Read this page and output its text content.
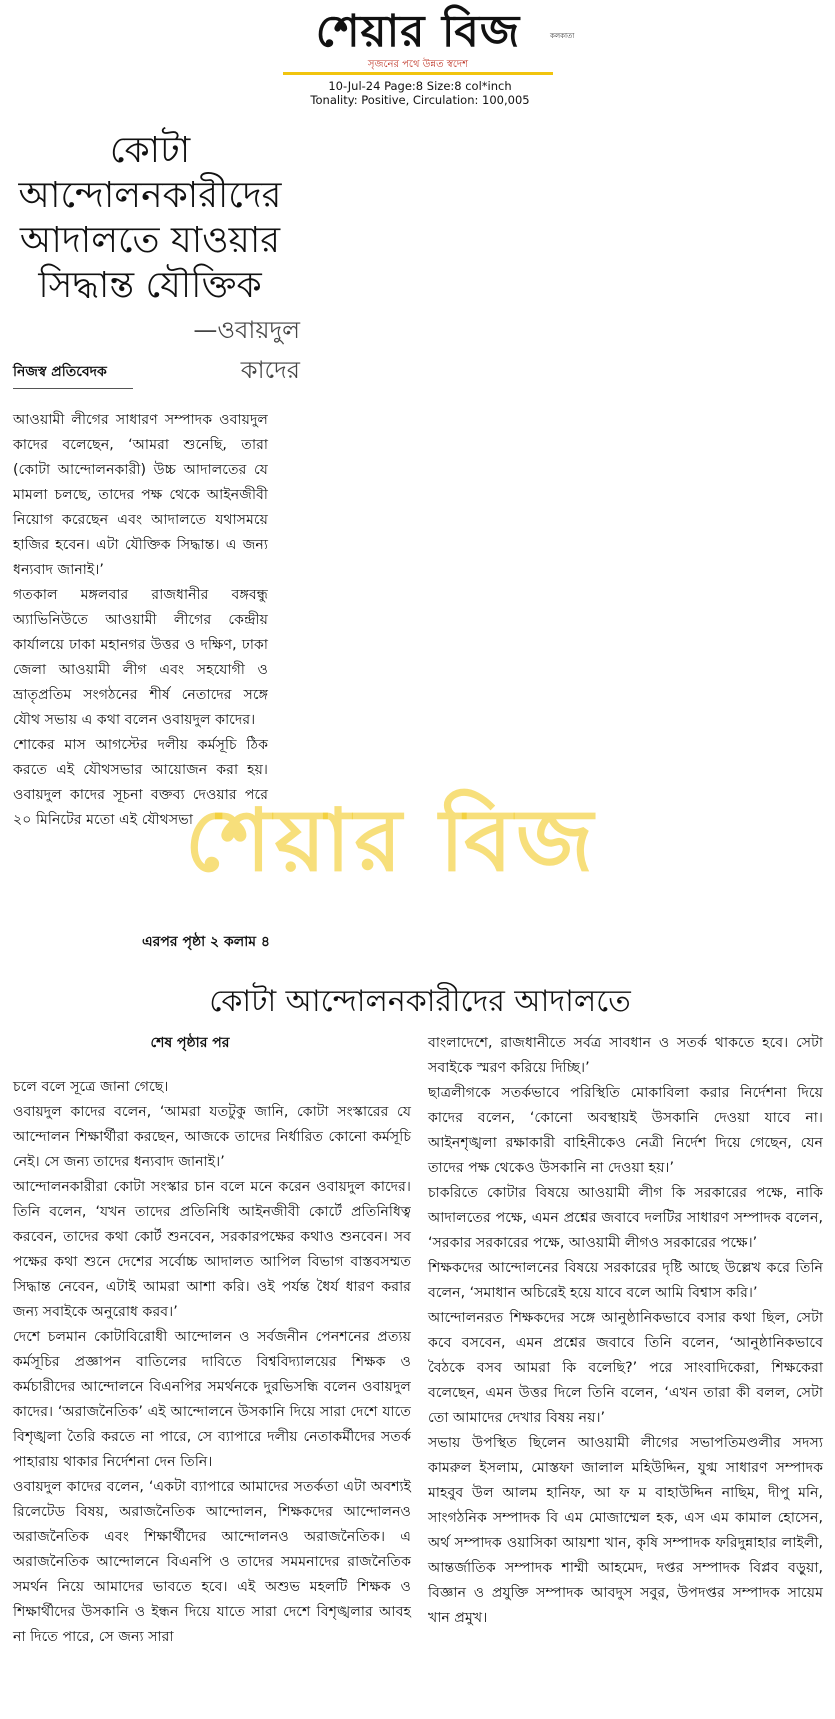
শেয়ার বিজ	কলকাতা
সৃজনের পথে উন্নত স্বদেশ
10-Jul-24 Page:8 Size:8 col*inch
Tonality: Positive, Circulation: 100,005
কোটা
আন্দোলনকারীদের
আদালতে যাওয়ার
সিদ্ধান্ত যৌক্তিক
—ওবায়দুল কাদের
নিজস্ব প্রতিবেদক

আওয়ামী লীগের সাধারণ সম্পাদক ওবায়দুল কাদের বলেছেন, ‘আমরা শুনেছি, তারা (কোটা আন্দোলনকারী) উচ্চ আদালতের যে মামলা চলছে, তাদের পক্ষ থেকে আইনজীবী নিয়োগ করেছেন এবং আদালতে যথাসময়ে হাজির হবেন। এটা যৌক্তিক সিদ্ধান্ত। এ জন্য ধন্যবাদ জানাই।’

গতকাল মঙ্গলবার রাজধানীর বঙ্গবন্ধু অ্যাভিনিউতে আওয়ামী লীগের কেন্দ্রীয় কার্যালয়ে ঢাকা মহানগর উত্তর ও দক্ষিণ, ঢাকা জেলা আওয়ামী লীগ এবং সহযোগী ও ভ্রাতৃপ্রতিম সংগঠনের শীর্ষ নেতাদের সঙ্গে যৌথ সভায় এ কথা বলেন ওবায়দুল কাদের।

শোকের মাস আগস্টের দলীয় কর্মসূচি ঠিক করতে এই যৌথসভার আয়োজন করা হয়। ওবায়দুল কাদের সূচনা বক্তব্য দেওয়ার পরে ২০ মিনিটের মতো এই যৌথসভা

এরপর পৃষ্ঠা ২ কলাম ৪
শেয়ার বিজ
কোটা আন্দোলনকারীদের আদালতে
শেষ পৃষ্ঠার পর

চলে বলে সূত্রে জানা গেছে।

ওবায়দুল কাদের বলেন, ‘আমরা যতটুকু জানি, কোটা সংস্কারের যে আন্দোলন শিক্ষার্থীরা করছেন, আজকে তাদের নির্ধারিত কোনো কর্মসূচি নেই। সে জন্য তাদের ধন্যবাদ জানাই।’

আন্দোলনকারীরা কোটা সংস্কার চান বলে মনে করেন ওবায়দুল কাদের। তিনি বলেন, ‘যখন তাদের প্রতিনিধি আইনজীবী কোর্টে প্রতিনিধিত্ব করবেন, তাদের কথা কোর্ট শুনবেন, সরকারপক্ষের কথাও শুনবেন। সব পক্ষের কথা শুনে দেশের সর্বোচ্চ আদালত আপিল বিভাগ বাস্তবসম্মত সিদ্ধান্ত নেবেন, এটাই আমরা আশা করি। ওই পর্যন্ত ধৈর্য ধারণ করার জন্য সবাইকে অনুরোধ করব।’

দেশে চলমান কোটাবিরোধী আন্দোলন ও সর্বজনীন পেনশনের প্রত্যয় কর্মসূচির প্রজ্ঞাপন বাতিলের দাবিতে বিশ্ববিদ্যালয়ের শিক্ষক ও কর্মচারীদের আন্দোলনে বিএনপির সমর্থনকে দুরভিসন্ধি বলেন ওবায়দুল কাদের। ‘অরাজনৈতিক’ এই আন্দোলনে উসকানি দিয়ে সারা দেশে যাতে বিশৃঙ্খলা তৈরি করতে না পারে, সে ব্যাপারে দলীয় নেতাকর্মীদের সতর্ক পাহারায় থাকার নির্দেশনা দেন তিনি।

ওবায়দুল কাদের বলেন, ‘একটা ব্যাপারে আমাদের সতর্কতা এটা অবশ্যই রিলেটেড বিষয়, অরাজনৈতিক আন্দোলন, শিক্ষকদের আন্দোলনও অরাজনৈতিক এবং শিক্ষার্থীদের আন্দোলনও অরাজনৈতিক। এ অরাজনৈতিক আন্দোলনে বিএনপি ও তাদের সমমনাদের রাজনৈতিক সমর্থন নিয়ে আমাদের ভাবতে হবে। এই অশুভ মহলটি শিক্ষক ও শিক্ষার্থীদের উসকানি ও ইন্ধন দিয়ে যাতে সারা দেশে বিশৃঙ্খলার আবহ না দিতে পারে, সে জন্য সারা

বাংলাদেশে, রাজধানীতে সর্বত্র সাবধান ও সতর্ক থাকতে হবে। সেটা সবাইকে স্মরণ করিয়ে দিচ্ছি।’

ছাত্রলীগকে সতর্কভাবে পরিস্থিতি মোকাবিলা করার নির্দেশনা দিয়ে কাদের বলেন, ‘কোনো অবস্থায়ই উসকানি দেওয়া যাবে না। আইনশৃঙ্খলা রক্ষাকারী বাহিনীকেও নেত্রী নির্দেশ দিয়ে গেছেন, যেন তাদের পক্ষ থেকেও উসকানি না দেওয়া হয়।’

চাকরিতে কোটার বিষয়ে আওয়ামী লীগ কি সরকারের পক্ষে, নাকি আদালতের পক্ষে, এমন প্রশ্নের জবাবে দলটির সাধারণ সম্পাদক বলেন, ‘সরকার সরকারের পক্ষে, আওয়ামী লীগও সরকারের পক্ষে।’

শিক্ষকদের আন্দোলনের বিষয়ে সরকারের দৃষ্টি আছে উল্লেখ করে তিনি বলেন, ‘সমাধান অচিরেই হয়ে যাবে বলে আমি বিশ্বাস করি।’

আন্দোলনরত শিক্ষকদের সঙ্গে আনুষ্ঠানিকভাবে বসার কথা ছিল, সেটা কবে বসবেন, এমন প্রশ্নের জবাবে তিনি বলেন, ‘আনুষ্ঠানিকভাবে বৈঠকে বসব আমরা কি বলেছি?’ পরে সাংবাদিকেরা, শিক্ষকেরা বলেছেন, এমন উত্তর দিলে তিনি বলেন, ‘এখন তারা কী বলল, সেটা তো আমাদের দেখার বিষয় নয়।’

সভায় উপস্থিত ছিলেন আওয়ামী লীগের সভাপতিমণ্ডলীর সদস্য কামরুল ইসলাম, মোস্তফা জালাল মহিউদ্দিন, যুগ্ম সাধারণ সম্পাদক মাহবুব উল আলম হানিফ, আ ফ ম বাহাউদ্দিন নাছিম, দীপু মনি, সাংগঠনিক সম্পাদক বি এম মোজাম্মেল হক, এস এম কামাল হোসেন, অর্থ সম্পাদক ওয়াসিকা আয়শা খান, কৃষি সম্পাদক ফরিদুন্নাহার লাইলী, আন্তর্জাতিক সম্পাদক শাম্মী আহমেদ, দপ্তর সম্পাদক বিপ্লব বড়ুয়া, বিজ্ঞান ও প্রযুক্তি সম্পাদক আবদুস সবুর, উপদপ্তর সম্পাদক সায়েম খান প্রমুখ।
